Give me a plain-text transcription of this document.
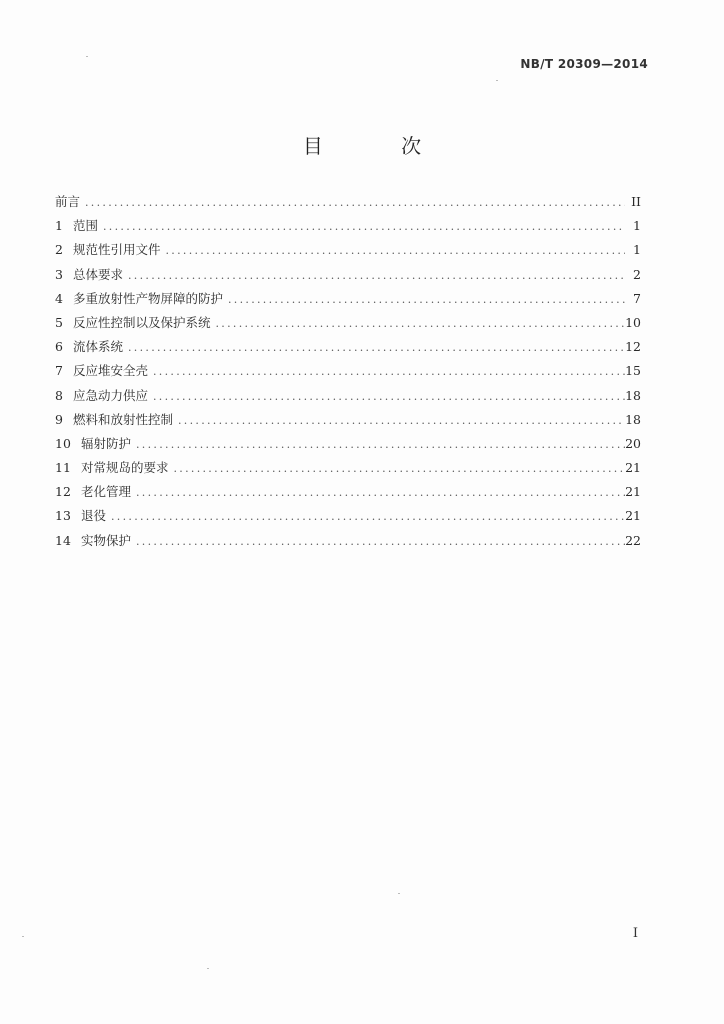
NB/T 20309—2014
目 次
前言 . . .	II
1 范围 . . .	1
2 规范性引用文件 . . .	1
3 总体要求 . . .	2
4 多重放射性产物屏障的防护 . . .	7
5 反应性控制以及保护系统 . . .	10
6 流体系统 . . .	12
7 反应堆安全壳 . . .	15
8 应急动力供应 . . .	18
9 燃料和放射性控制 . . .	18
10 辐射防护 . . .	20
11 对常规岛的要求 . . .	21
12 老化管理 . . .	21
13 退役 . . .	21
14 实物保护 . . .	22
I
